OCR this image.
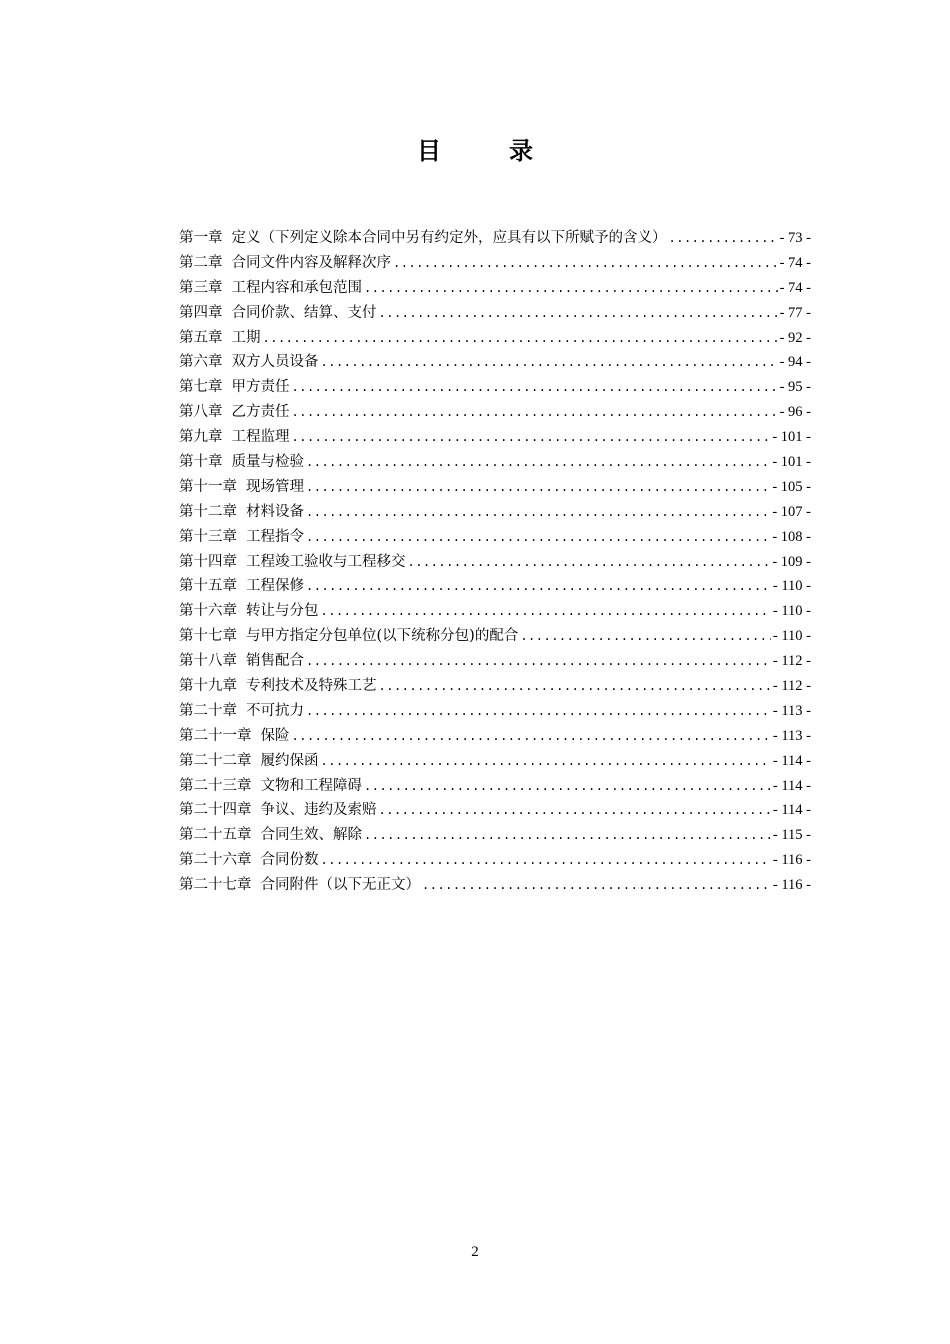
目录
第一章 定义（下列定义除本合同中另有约定外，应具有以下所赋予的含义） .....	- 73 -
第二章 合同文件内容及解释次序 .....	- 74 -
第三章 工程内容和承包范围 .....	- 74 -
第四章 合同价款、结算、支付 .....	- 77 -
第五章 工期 .....	- 92 -
第六章 双方人员设备 .....	- 94 -
第七章 甲方责任 .....	- 95 -
第八章 乙方责任 .....	- 96 -
第九章 工程监理 .....	- 101 -
第十章 质量与检验 .....	- 101 -
第十一章 现场管理 .....	- 105 -
第十二章 材料设备 .....	- 107 -
第十三章 工程指令 .....	- 108 -
第十四章 工程竣工验收与工程移交 .....	- 109 -
第十五章 工程保修 .....	- 110 -
第十六章 转让与分包 .....	- 110 -
第十七章 与甲方指定分包单位(以下统称分包)的配合 .....	- 110 -
第十八章 销售配合 .....	- 112 -
第十九章 专利技术及特殊工艺 .....	- 112 -
第二十章 不可抗力 .....	- 113 -
第二十一章 保险 .....	- 113 -
第二十二章 履约保函 .....	- 114 -
第二十三章 文物和工程障碍 .....	- 114 -
第二十四章 争议、违约及索赔 .....	- 114 -
第二十五章 合同生效、解除 .....	- 115 -
第二十六章 合同份数 .....	- 116 -
第二十七章 合同附件（以下无正文） .....	- 116 -
2
